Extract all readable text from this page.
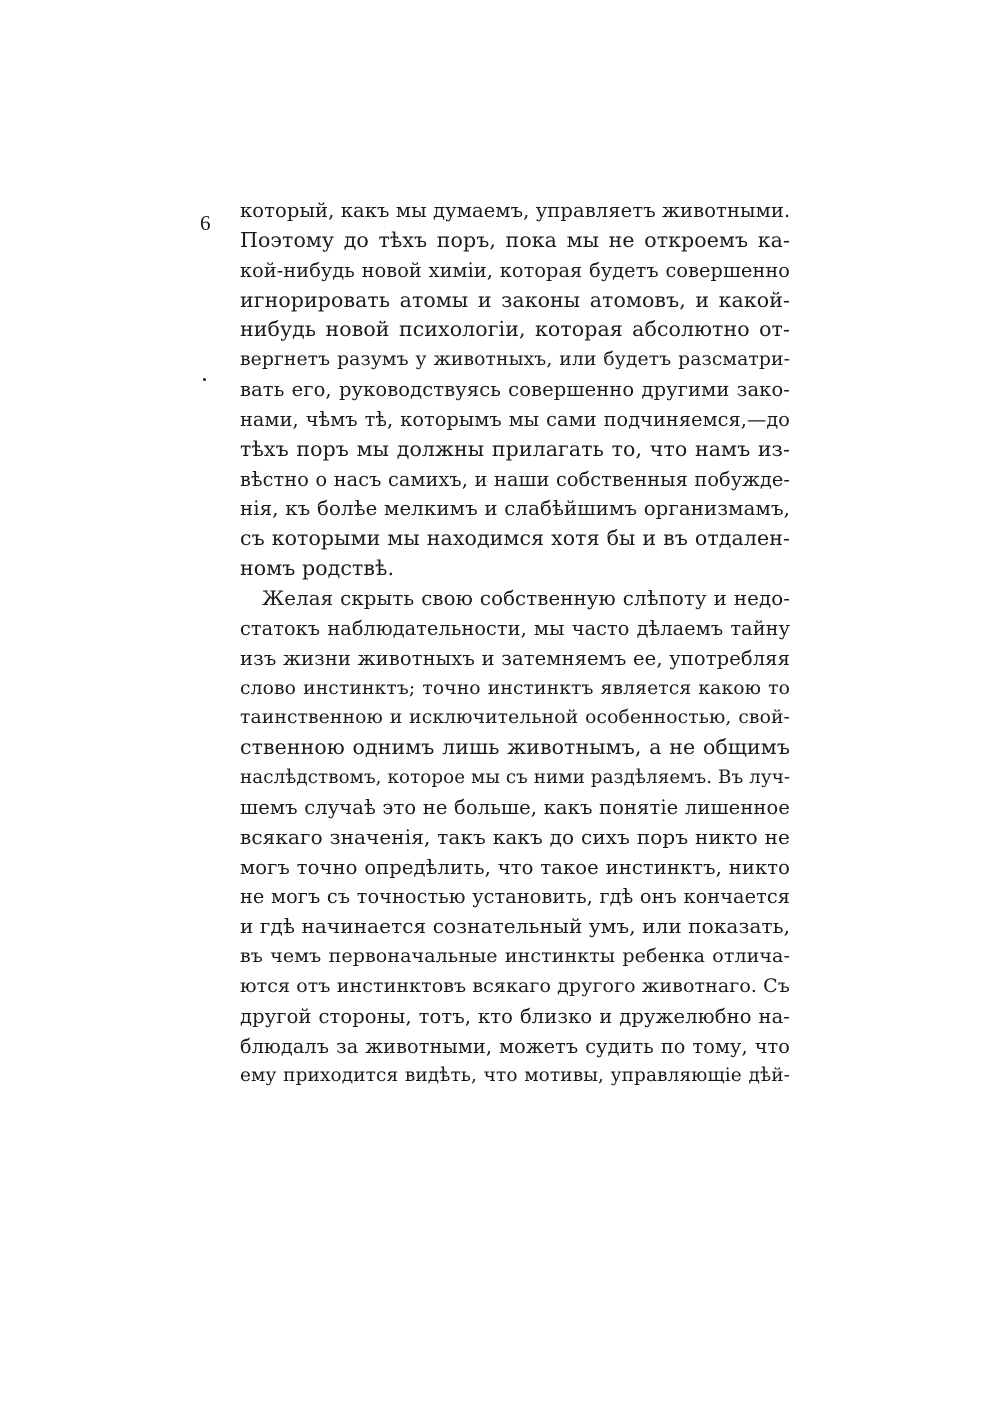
6
который, какъ мы думаемъ, управляетъ животными.
Поэтому до тѣхъ поръ, пока мы не откроемъ ка-
кой-нибудь новой химіи, которая будетъ совершенно
игнорировать атомы и законы атомовъ, и какой-
нибудь новой психологіи, которая абсолютно от-
вергнетъ разумъ у животныхъ, или будетъ разсматри-
вать его, руководствуясь совершенно другими зако-
нами, чѣмъ тѣ, которымъ мы сами подчиняемся,—до
тѣхъ поръ мы должны прилагать то, что намъ из-
вѣстно о насъ самихъ, и наши собственныя побужде-
нія, къ болѣе мелкимъ и слабѣйшимъ организмамъ,
съ которыми мы находимся хотя бы и въ отдален-
номъ родствѣ.
Желая скрыть свою собственную слѣпоту и недо-
статокъ наблюдательности, мы часто дѣлаемъ тайну
изъ жизни животныхъ и затемняемъ ее, употребляя
слово инстинктъ; точно инстинктъ является какою то
таинственною и исключительной особенностью, свой-
ственною однимъ лишь животнымъ, а не общимъ
наслѣдствомъ, которое мы съ ними раздѣляемъ. Въ луч-
шемъ случаѣ это не больше, какъ понятіе лишенное
всякаго значенія, такъ какъ до сихъ поръ никто не
могъ точно опредѣлить, что такое инстинктъ, никто
не могъ съ точностью установить, гдѣ онъ кончается
и гдѣ начинается сознательный умъ, или показать,
въ чемъ первоначальные инстинкты ребенка отлича-
ются отъ инстинктовъ всякаго другого животнаго. Съ
другой стороны, тотъ, кто близко и дружелюбно на-
блюдалъ за животными, можетъ судить по тому, что
ему приходится видѣть, что мотивы, управляющіе дѣй-
